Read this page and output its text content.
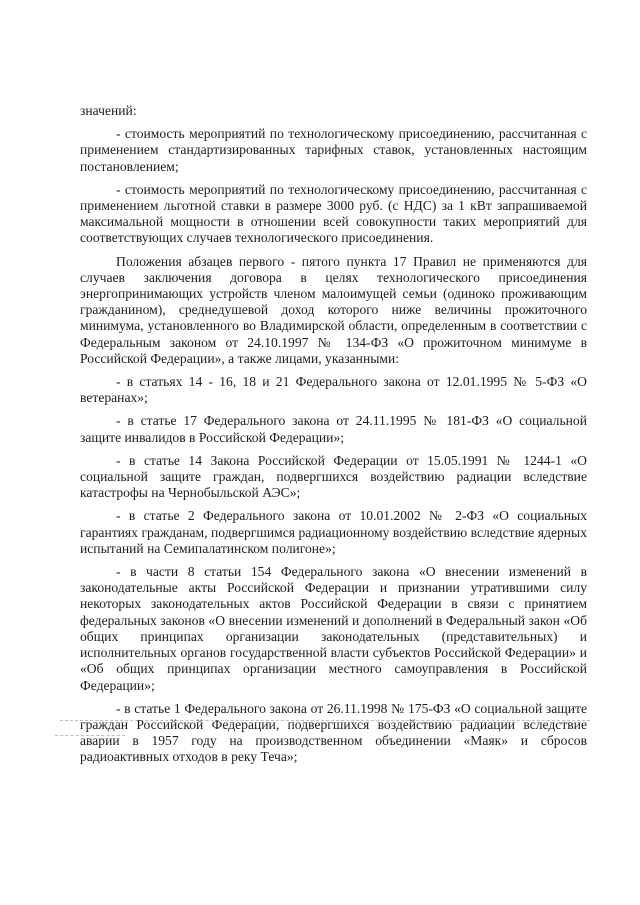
значений:

- стоимость мероприятий по технологическому присоединению, рассчитанная с применением стандартизированных тарифных ставок, установленных настоящим постановлением;

- стоимость мероприятий по технологическому присоединению, рассчитанная с применением льготной ставки в размере 3000 руб. (с НДС) за 1 кВт запрашиваемой максимальной мощности в отношении всей совокупности таких мероприятий для соответствующих случаев технологического присоединения.

Положения абзацев первого - пятого пункта 17 Правил не применяются для случаев заключения договора в целях технологического присоединения энергопринимающих устройств членом малоимущей семьи (одиноко проживающим гражданином), среднедушевой доход которого ниже величины прожиточного минимума, установленного во Владимирской области, определенным в соответствии с Федеральным законом от 24.10.1997 № 134-ФЗ «О прожиточном минимуме в Российской Федерации», а также лицами, указанными:

- в статьях 14 - 16, 18 и 21 Федерального закона от 12.01.1995 № 5-ФЗ «О ветеранах»;

- в статье 17 Федерального закона от 24.11.1995 № 181-ФЗ «О социальной защите инвалидов в Российской Федерации»;

- в статье 14 Закона Российской Федерации от 15.05.1991 № 1244-1 «О социальной защите граждан, подвергшихся воздействию радиации вследствие катастрофы на Чернобыльской АЭС»;

- в статье 2 Федерального закона от 10.01.2002 № 2-ФЗ «О социальных гарантиях гражданам, подвергшимся радиационному воздействию вследствие ядерных испытаний на Семипалатинском полигоне»;

- в части 8 статьи 154 Федерального закона «О внесении изменений в законодательные акты Российской Федерации и признании утратившими силу некоторых законодательных актов Российской Федерации в связи с принятием федеральных законов «О внесении изменений и дополнений в Федеральный закон «Об общих принципах организации законодательных (представительных) и исполнительных органов государственной власти субъектов Российской Федерации» и «Об общих принципах организации местного самоуправления в Российской Федерации»;

- в статье 1 Федерального закона от 26.11.1998 № 175-ФЗ «О социальной защите граждан Российской Федерации, подвергшихся воздействию радиации вследствие аварии в 1957 году на производственном объединении «Маяк» и сбросов радиоактивных отходов в реку Теча»;
